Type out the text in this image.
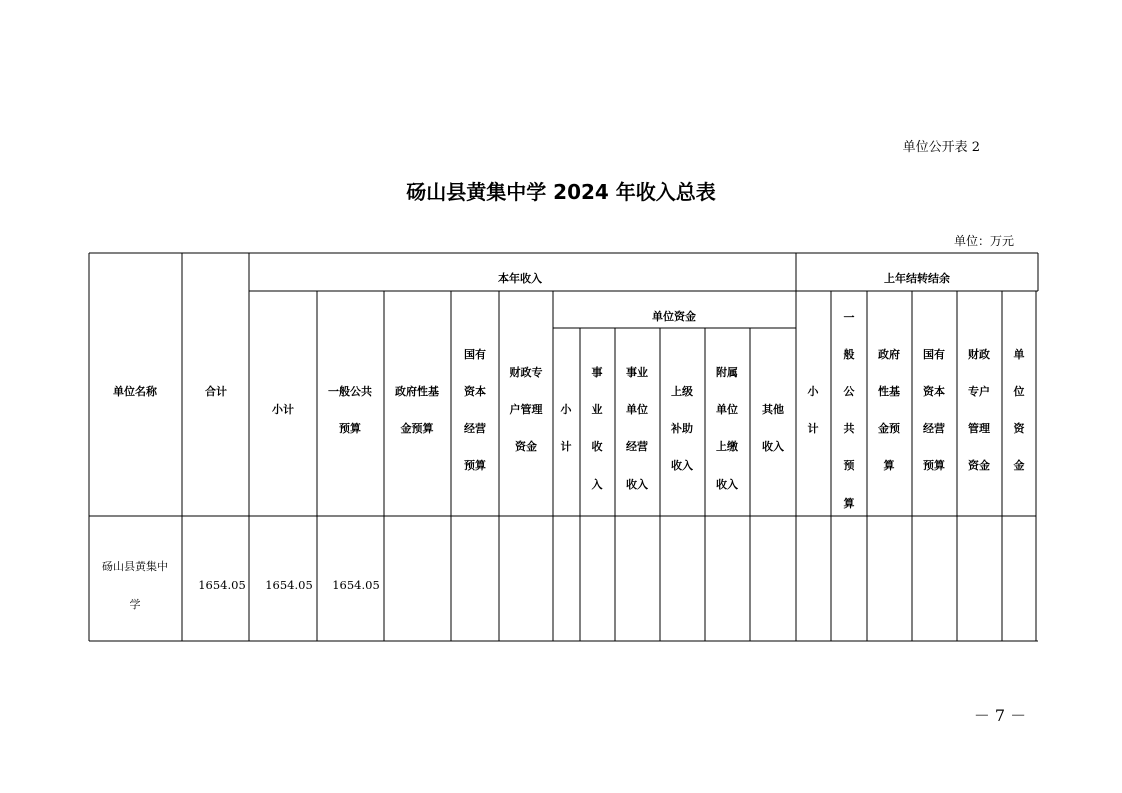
单位公开表 2
砀山县黄集中学 2024 年收入总表
单位：万元
本年收入	上年结转结余
单位资金
单位名称	合计
小计
一般公共
预算
政府性基
金预算
国有
资本
经营
预算
财政专
户管理
资金
小
计
事
业
收
入
事业
单位
经营
收入
上级
补助
收入
附属
单位
上缴
收入
其他
收入
小
计
一
般
公
共
预
算
政府
性基
金预
算
国有
资本
经营
预算
财政
专户
管理
资金
单
位
资
金
砀山县黄集中
学
1654.05 1654.05 1654.05
－ 7 －
